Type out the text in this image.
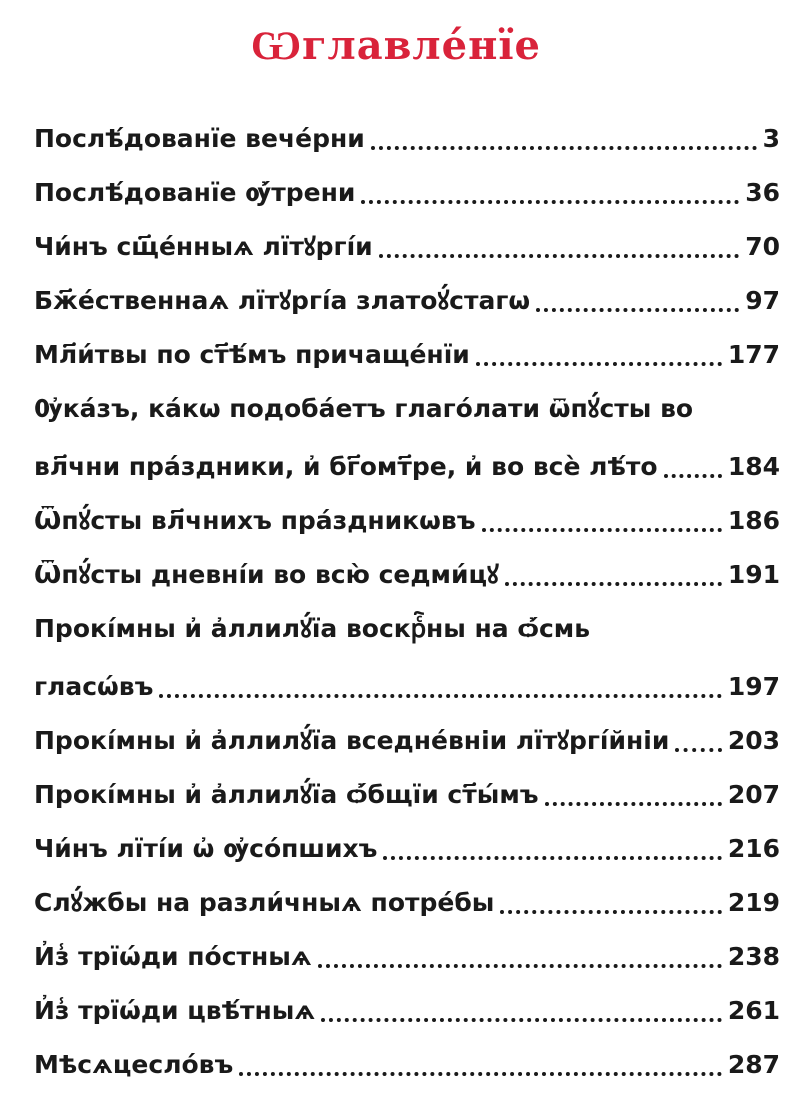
Ѡглавле́нїе
Послѣ́дованїе вече́рни	3
Послѣ́дованїе ѹ҆́трени	36
Чи́нъ сщ҃е́нныѧ лїтꙋргі́и	70
Бж҃е́ственнаѧ лїтꙋргі́а златоꙋ́стагѡ	97
Мл҃и́твы по ст҃ѣ́мъ причаще́нїи	177
Ѹ҆ка́зъ, ка́кѡ подоба́етъ глаго́лати ѿпꙋ́сты во
вл҃чни пра́здники, и҆ бг҃омт҃ре, и҆ во всѐ лѣ́то	184
Ѿпꙋ́сты вл҃чнихъ пра́здникѡвъ	186
Ѿпꙋ́сты дневні́и во всю̀ седми́цꙋ	191
Прокі́мны и҆ а҆ллилꙋ́їа воскрⷭ҇ны на ѻ҆́смь
гласѡ́въ	197
Прокі́мны и҆ а҆ллилꙋ́їа вседне́вніи лїтꙋргі́йніи 203
Прокі́мны и҆ а҆ллилꙋ́їа ѻ҆́бщїи ст҃ы́мъ	207
Чи́нъ лїті́и ѡ҆ ѹ҆со́пшихъ	216
Слꙋ́жбы на разли́чныѧ потре́бы	219
И҆з̾ трїѡ́ди по́стныѧ	238
И҆з̾ трїѡ́ди цвѣ́тныѧ	261
Мѣсѧцесло́въ	287
